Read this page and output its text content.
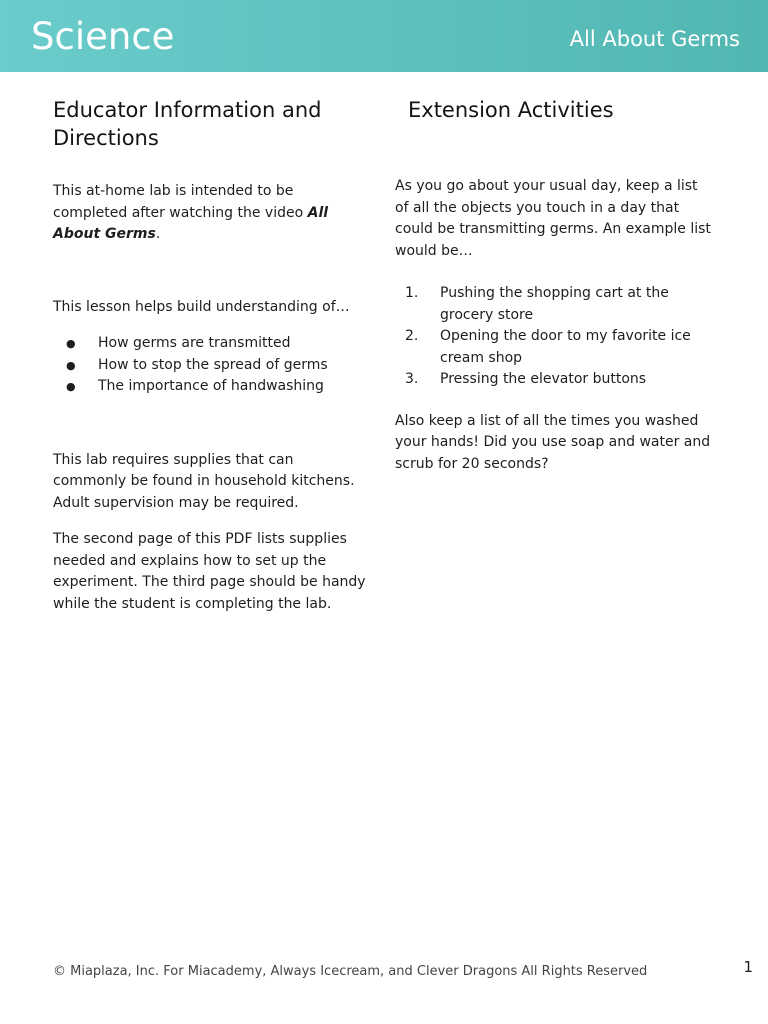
Science	All About Germs
Educator Information and Directions

This at-home lab is intended to be completed after watching the video All About Germs.

This lesson helps build understanding of…

● How germs are transmitted
● How to stop the spread of germs
● The importance of handwashing

This lab requires supplies that can commonly be found in household kitchens. Adult supervision may be required.

The second page of this PDF lists supplies needed and explains how to set up the experiment. The third page should be handy while the student is completing the lab.

Extension Activities

As you go about your usual day, keep a list of all the objects you touch in a day that could be transmitting germs. An example list would be…

1. Pushing the shopping cart at the grocery store
2. Opening the door to my favorite ice cream shop
3. Pressing the elevator buttons

Also keep a list of all the times you washed your hands! Did you use soap and water and scrub for 20 seconds?

© Miaplaza, Inc. For Miacademy, Always Icecream, and Clever Dragons All Rights Reserved	1
